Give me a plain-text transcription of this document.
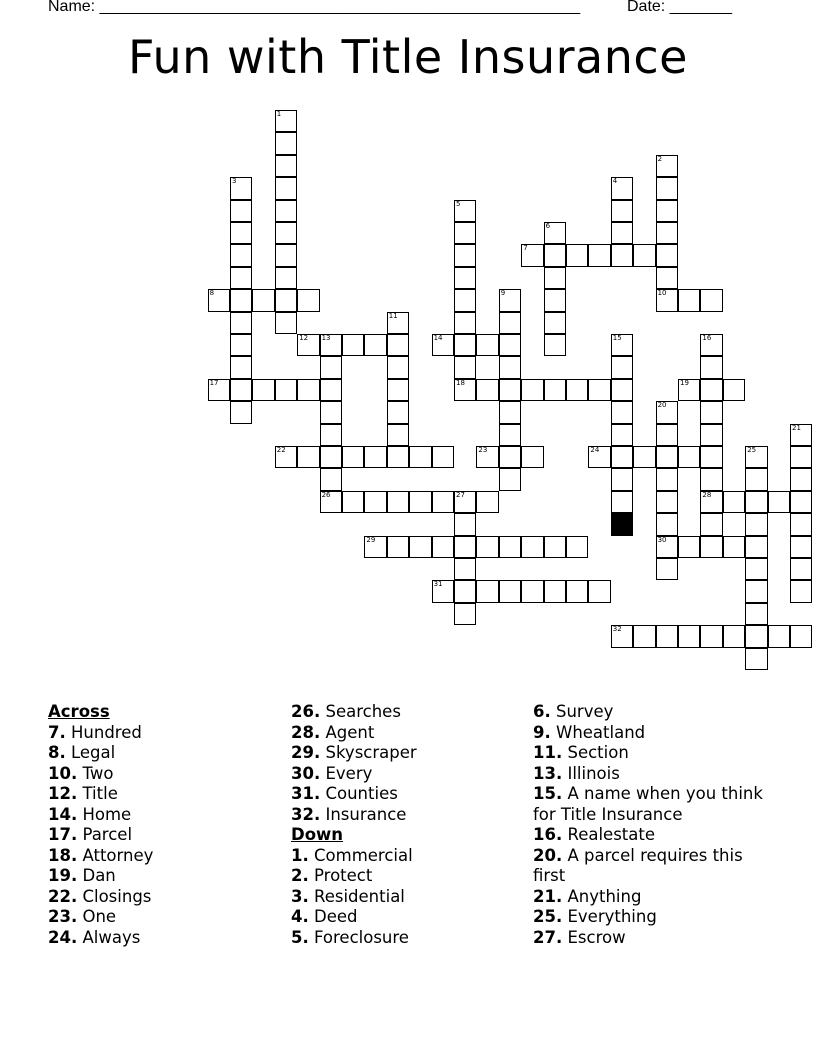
Name: ______________________________________________________	Date: _______
Fun with Title Insurance
1
2
10
3	4
5
18
6
7
8	9
11
12 13
26
14	15	16
28
17	19
20
30
21
22	23	24	25
27
29
31
32
Across
7. Hundred
8. Legal
10. Two
12. Title
14. Home
17. Parcel
18. Attorney
19. Dan
22. Closings
23. One
24. Always
26. Searches
28. Agent
29. Skyscraper
30. Every
31. Counties
32. Insurance
Down
1. Commercial
2. Protect
3. Residential
4. Deed
5. Foreclosure
6. Survey
9. Wheatland
11. Section
13. Illinois
15. A name when you think for Title Insurance
16. Realestate
20. A parcel requires this first
21. Anything
25. Everything
27. Escrow
